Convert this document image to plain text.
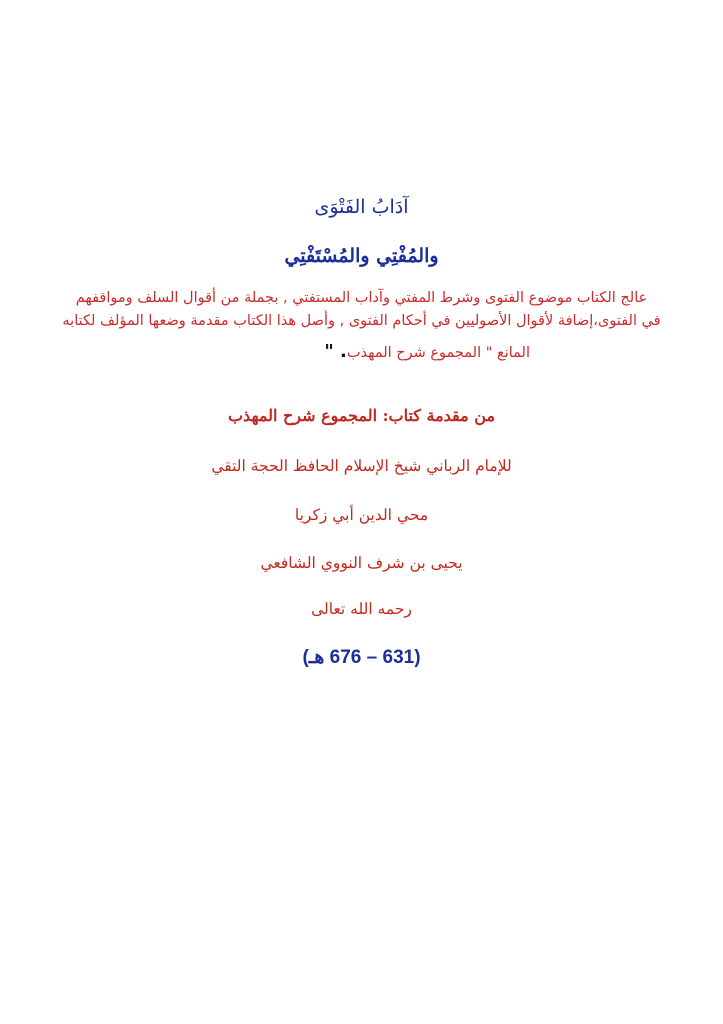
آدَابُ الفَتْوَى
والمُفْتِي والمُسْتَفْتِي
عالج الكتاب موضوع الفتوى وشرط المفتي وآداب المستفتي , بجملة من أقوال السلف ومواقفهم
في الفتوى،إضافة لأقوال الأصوليين في أحكام الفتوى , وأصل هذا الكتاب مقدمة وضعها المؤلف لكتابه
المانع " المجموع شرح المهذب. "
من مقدمة كتاب: المجموع شرح المهذب
للإمام الرباني شيخ الإسلام الحافظ الحجة التقي
محي الدين أبي زكريا
يحيى بن شرف النووي الشافعي
رحمه الله تعالى
(631 – 676 هـ)
